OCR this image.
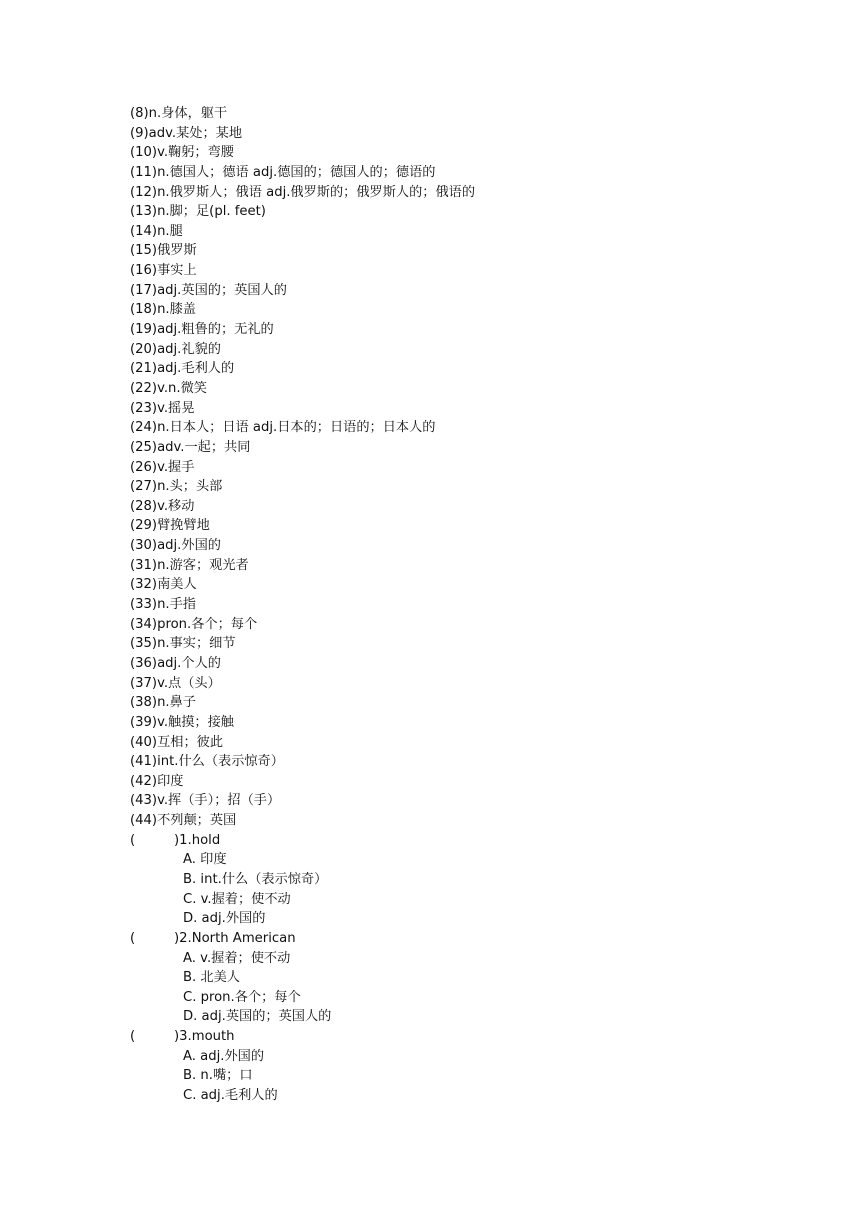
(8)n.身体，躯干
(9)adv.某处；某地
(10)v.鞠躬；弯腰
(11)n.德国人；德语 adj.德国的；德国人的；德语的
(12)n.俄罗斯人；俄语 adj.俄罗斯的；俄罗斯人的；俄语的
(13)n.脚；足(pl. feet)
(14)n.腿
(15)俄罗斯
(16)事实上
(17)adj.英国的；英国人的
(18)n.膝盖
(19)adj.粗鲁的；无礼的
(20)adj.礼貌的
(21)adj.毛利人的
(22)v.n.微笑
(23)v.摇晃
(24)n.日本人；日语 adj.日本的；日语的；日本人的
(25)adv.一起；共同
(26)v.握手
(27)n.头；头部
(28)v.移动
(29)臂挽臂地
(30)adj.外国的
(31)n.游客；观光者
(32)南美人
(33)n.手指
(34)pron.各个；每个
(35)n.事实；细节
(36)adj.个人的
(37)v.点（头）
(38)n.鼻子
(39)v.触摸；接触
(40)互相；彼此
(41)int.什么（表示惊奇）
(42)印度
(43)v.挥（手）；招（手）
(44)不列颠；英国
(	)1.hold
A. 印度
B. int.什么（表示惊奇）
C. v.握着；使不动
D. adj.外国的
(	)2.North American
A. v.握着；使不动
B. 北美人
C. pron.各个；每个
D. adj.英国的；英国人的
(	)3.mouth
A. adj.外国的
B. n.嘴；口
C. adj.毛利人的
